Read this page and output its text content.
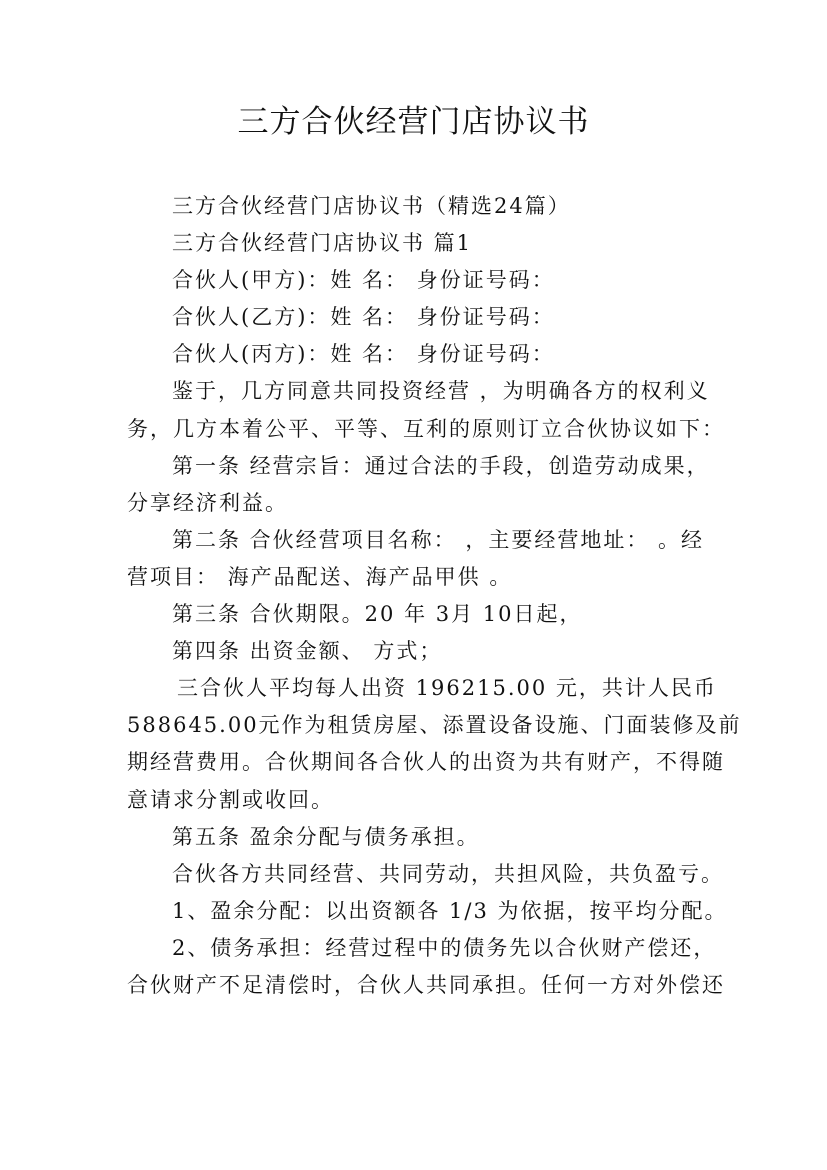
三方合伙经营门店协议书
三方合伙经营门店协议书（精选24篇）
三方合伙经营门店协议书 篇1
合伙人(甲方)：姓 名： 身份证号码：
合伙人(乙方)：姓 名： 身份证号码：
合伙人(丙方)：姓 名： 身份证号码：
鉴于，几方同意共同投资经营 ，为明确各方的权利义
务，几方本着公平、平等、互利的原则订立合伙协议如下：
第一条 经营宗旨：通过合法的手段，创造劳动成果，
分享经济利益。
第二条 合伙经营项目名称： ，主要经营地址： 。经
营项目： 海产品配送、海产品甲供 。
第三条 合伙期限。20 年 3月 10日起，
第四条 出资金额、 方式；
三合伙人平均每人出资 196215.00 元，共计人民币
588645.00元作为租赁房屋、添置设备设施、门面装修及前
期经营费用。合伙期间各合伙人的出资为共有财产，不得随
意请求分割或收回。
第五条 盈余分配与债务承担。
合伙各方共同经营、共同劳动，共担风险，共负盈亏。
1、盈余分配：以出资额各 1/3 为依据，按平均分配。
2、债务承担：经营过程中的债务先以合伙财产偿还，
合伙财产不足清偿时，合伙人共同承担。任何一方对外偿还
